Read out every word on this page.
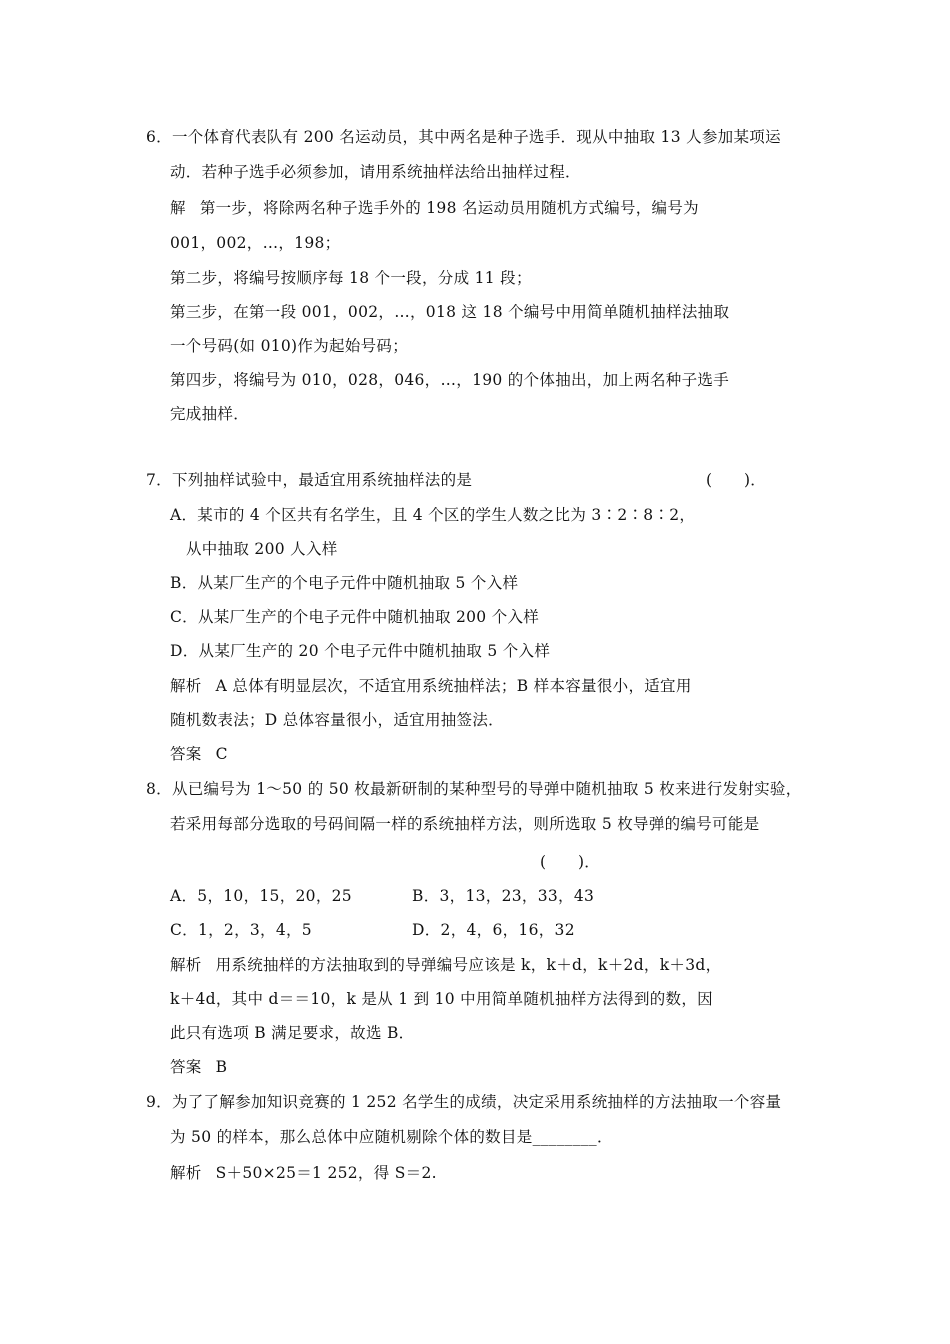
6．一个体育代表队有 200 名运动员，其中两名是种子选手．现从中抽取 13 人参加某项运
动．若种子选手必须参加，请用系统抽样法给出抽样过程．
解 第一步，将除两名种子选手外的 198 名运动员用随机方式编号，编号为
001，002，…，198；
第二步，将编号按顺序每 18 个一段，分成 11 段；
第三步，在第一段 001，002，…，018 这 18 个编号中用简单随机抽样法抽取
一个号码(如 010)作为起始号码；
第四步，将编号为 010，028，046，…，190 的个体抽出，加上两名种子选手
完成抽样．
7．下列抽样试验中，最适宜用系统抽样法的是	(　　)．
A．某市的 4 个区共有名学生，且 4 个区的学生人数之比为 3∶2∶8∶2，
从中抽取 200 人入样
B．从某厂生产的个电子元件中随机抽取 5 个入样
C．从某厂生产的个电子元件中随机抽取 200 个入样
D．从某厂生产的 20 个电子元件中随机抽取 5 个入样
解析 A 总体有明显层次，不适宜用系统抽样法；B 样本容量很小，适宜用
随机数表法；D 总体容量很小，适宜用抽签法．
答案 C
8．从已编号为 1～50 的 50 枚最新研制的某种型号的导弹中随机抽取 5 枚来进行发射实验，
若采用每部分选取的号码间隔一样的系统抽样方法，则所选取 5 枚导弹的编号可能是
(　　)．
A．5，10，15，20，25	B．3，13，23，33，43
C．1，2，3，4，5	D．2，4，6，16，32
解析 用系统抽样的方法抽取到的导弹编号应该是 k，k＋d，k＋2d，k＋3d，
k＋4d，其中 d＝＝10，k 是从 1 到 10 中用简单随机抽样方法得到的数，因
此只有选项 B 满足要求，故选 B．
答案 B
9．为了了解参加知识竞赛的 1 252 名学生的成绩，决定采用系统抽样的方法抽取一个容量
为 50 的样本，那么总体中应随机剔除个体的数目是________．
解析 S＋50×25＝1 252，得 S＝2.
